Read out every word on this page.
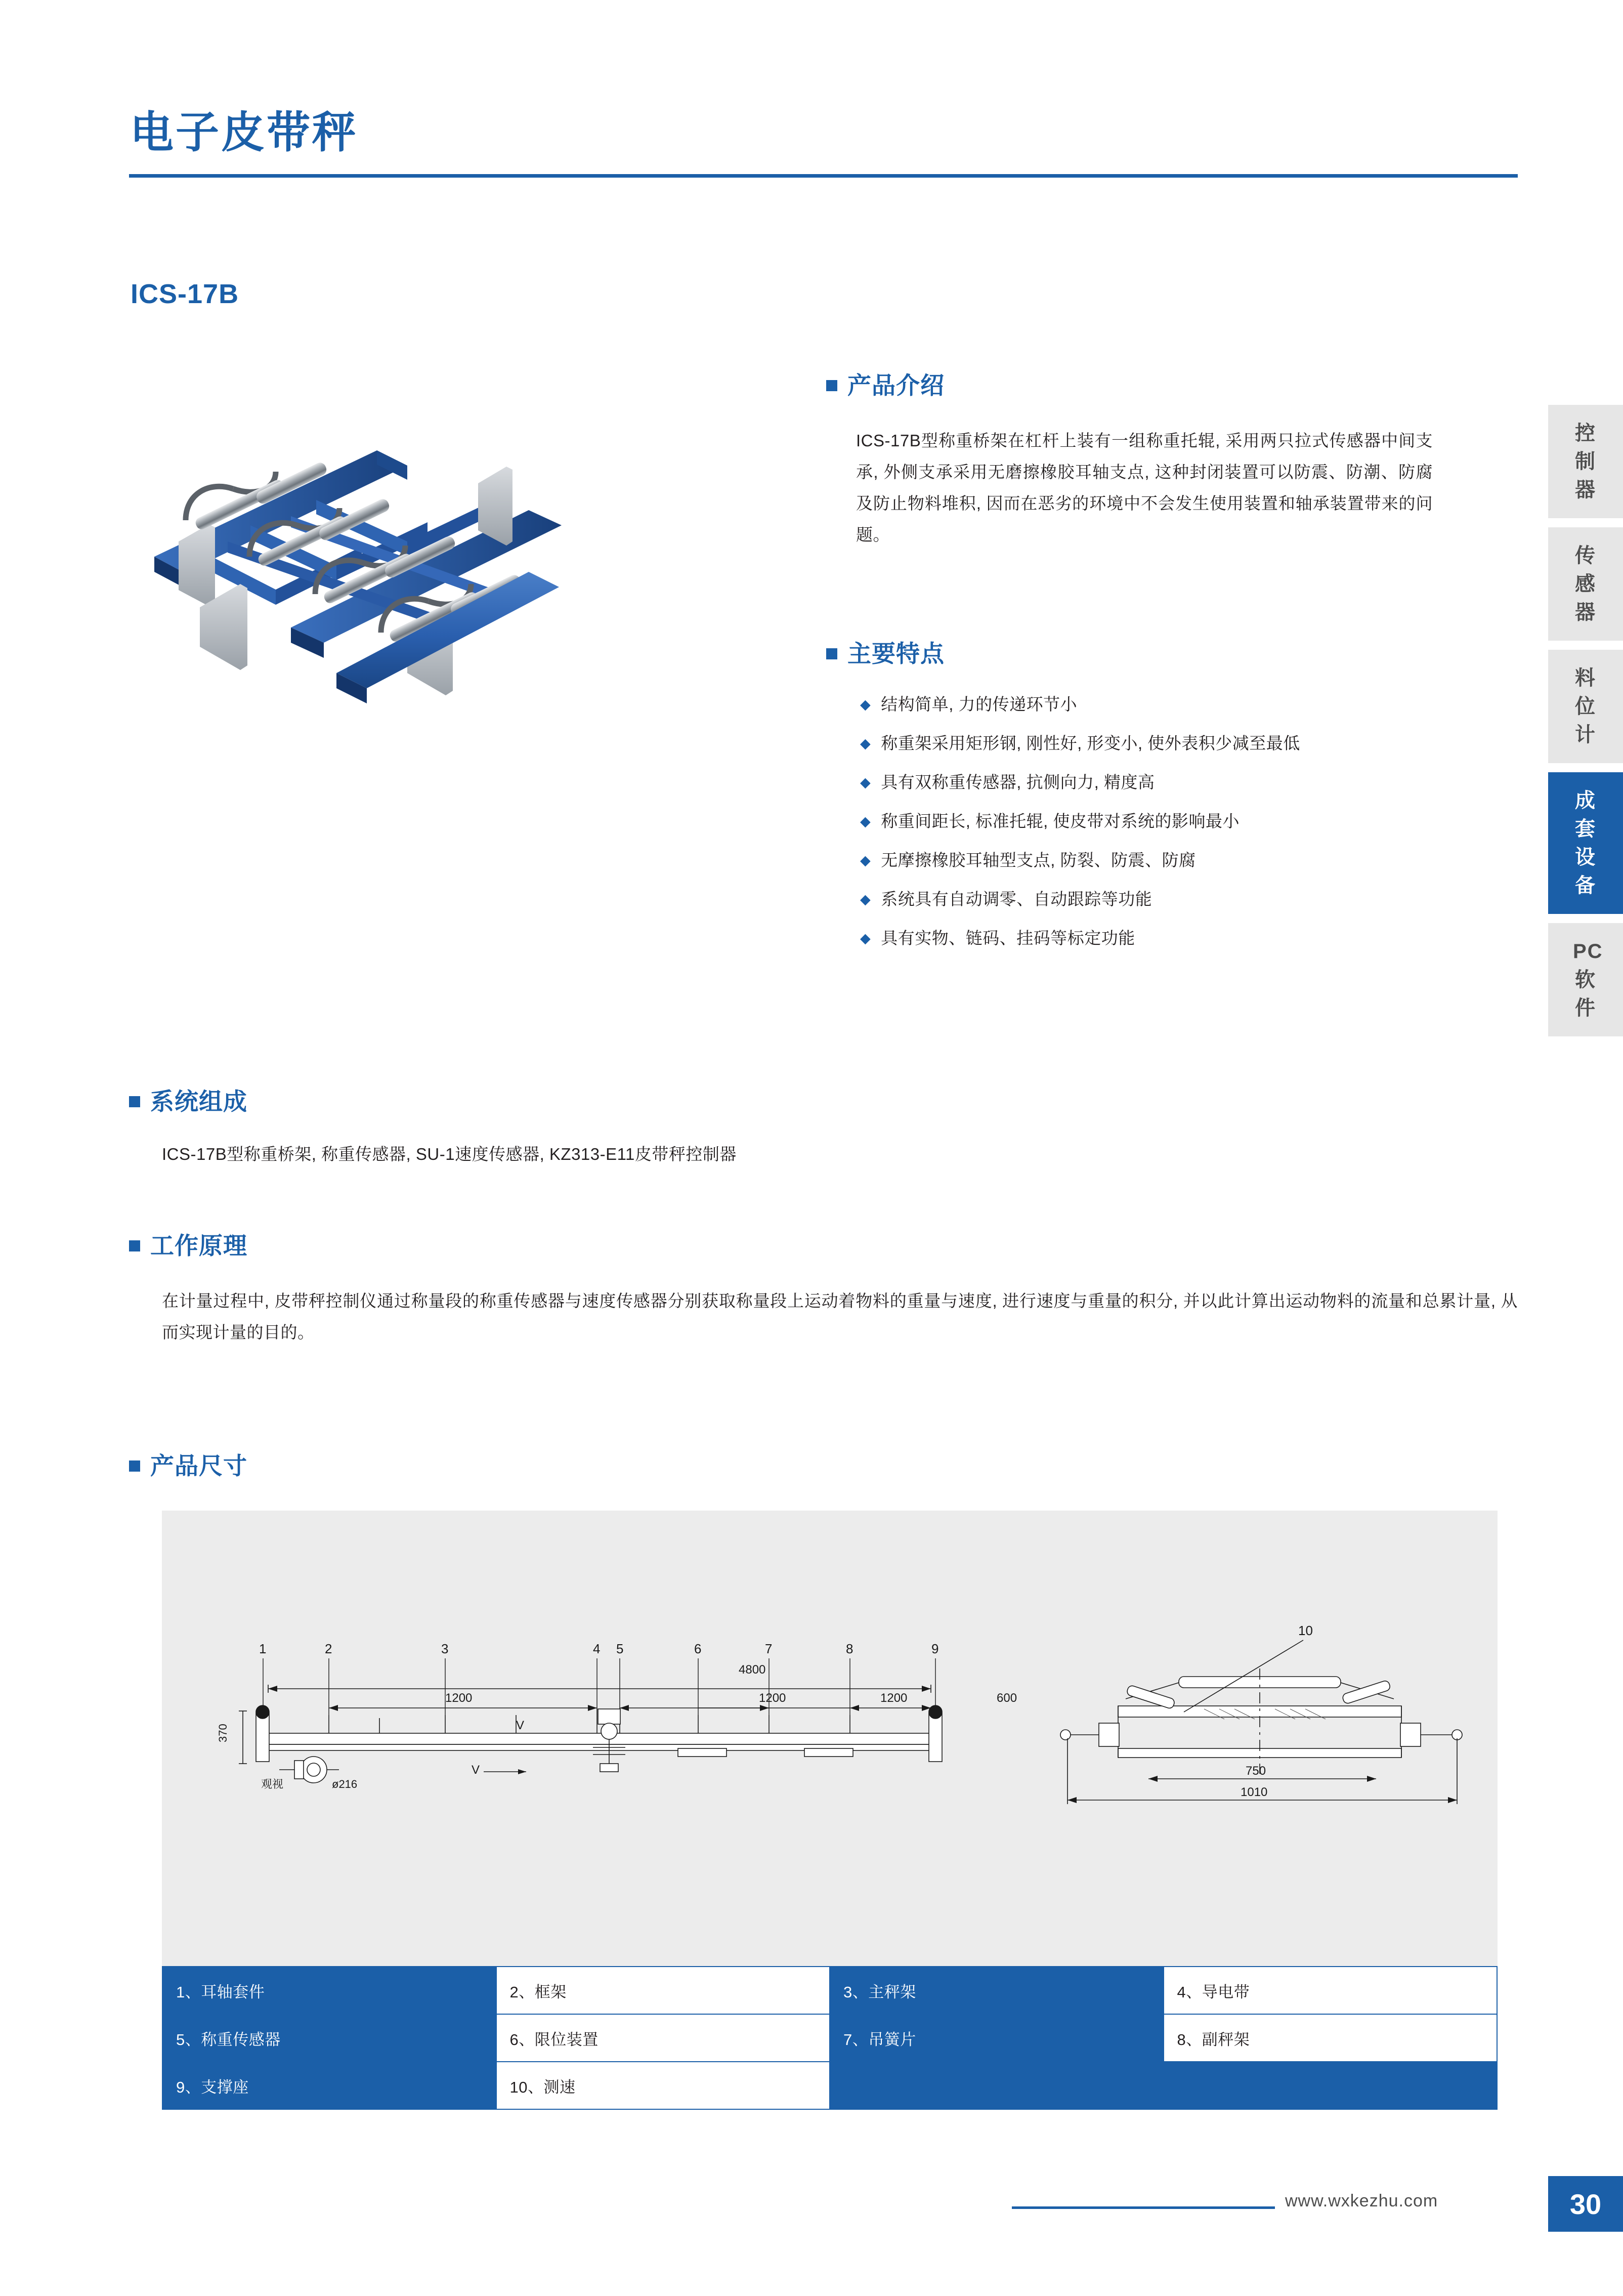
电子皮带秤
ICS-17B
产品介绍
ICS-17B型称重桥架在杠杆上装有一组称重托辊, 采用两只拉式传感器中间支承, 外侧支承采用无磨擦橡胶耳轴支点, 这种封闭装置可以防震、防潮、防腐及防止物料堆积, 因而在恶劣的环境中不会发生使用装置和轴承装置带来的问题。
主要特点
◆ 结构简单, 力的传递环节小
◆ 称重架采用矩形钢, 刚性好, 形变小, 使外表积少减至最低
◆ 具有双称重传感器, 抗侧向力, 精度高
◆ 称重间距长, 标准托辊, 使皮带对系统的影响最小
◆ 无摩擦橡胶耳轴型支点, 防裂、防震、防腐
◆ 系统具有自动调零、自动跟踪等功能
◆ 具有实物、链码、挂码等标定功能
系统组成
ICS-17B型称重桥架, 称重传感器, SU-1速度传感器, KZ313-E11皮带秤控制器
工作原理
在计量过程中, 皮带秤控制仪通过称量段的称重传感器与速度传感器分别获取称量段上运动着物料的重量与速度, 进行速度与重量的积分, 并以此计算出运动物料的流量和总累计量, 从而实现计量的目的。
产品尺寸
观视	ø216
370
4800
1200	1200	1200	600
V
V
1	2	3	4 5	6	7	8	9
10
750
1010
1、耳轴套件	2、框架	3、主秤架	4、导电带
5、称重传感器	6、限位装置	7、吊簧片	8、副秤架
9、支撑座	10、测速		
控制器
传感器
料位计
成套设备
PC软件
www.wxkezhu.com	30
